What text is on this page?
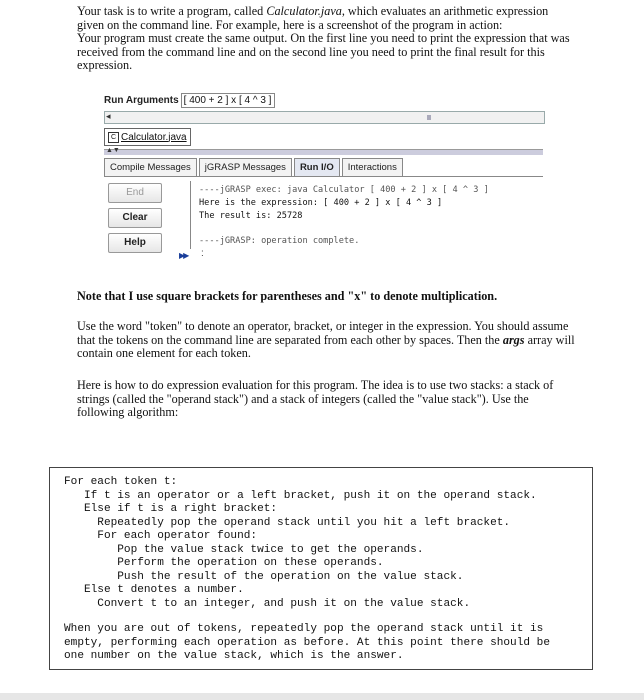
Your task is to write a program, called Calculator.java, which evaluates an arithmetic expression given on the command line. For example, here is a screenshot of the program in action:
Your program must create the same output. On the first line you need to print the expression that was received from the command line and on the second line you need to print the final result for this expression.

Run Arguments [ 400 + 2 ] x [ 4 ^ 3 ]
◂
C Calculator.java
▲▼
Compile Messages	jGRASP Messages	Run I/O	Interactions
End
Clear
Help
----jGRASP exec: java Calculator [ 400 + 2 ] x [ 4 ^ 3 ]
Here is the expression: [ 400 + 2 ] x [ 4 ^ 3 ]
The result is: 25728
----jGRASP: operation complete.
▶▶ :

Note that I use square brackets for parentheses and "x" to denote multiplication.

Use the word "token" to denote an operator, bracket, or integer in the expression. You should assume that the tokens on the command line are separated from each other by spaces. Then the args array will contain one element for each token.

Here is how to do expression evaluation for this program. The idea is to use two stacks: a stack of strings (called the "operand stack") and a stack of integers (called the "value stack"). Use the following algorithm:

For each token t:
If t is an operator or a left bracket, push it on the operand stack.
Else if t is a right bracket:
Repeatedly pop the operand stack until you hit a left bracket.
For each operator found:
Pop the value stack twice to get the operands.
Perform the operation on these operands.
Push the result of the operation on the value stack.
Else t denotes a number.
Convert t to an integer, and push it on the value stack.
When you are out of tokens, repeatedly pop the operand stack until it is
empty, performing each operation as before. At this point there should be
one number on the value stack, which is the answer.
